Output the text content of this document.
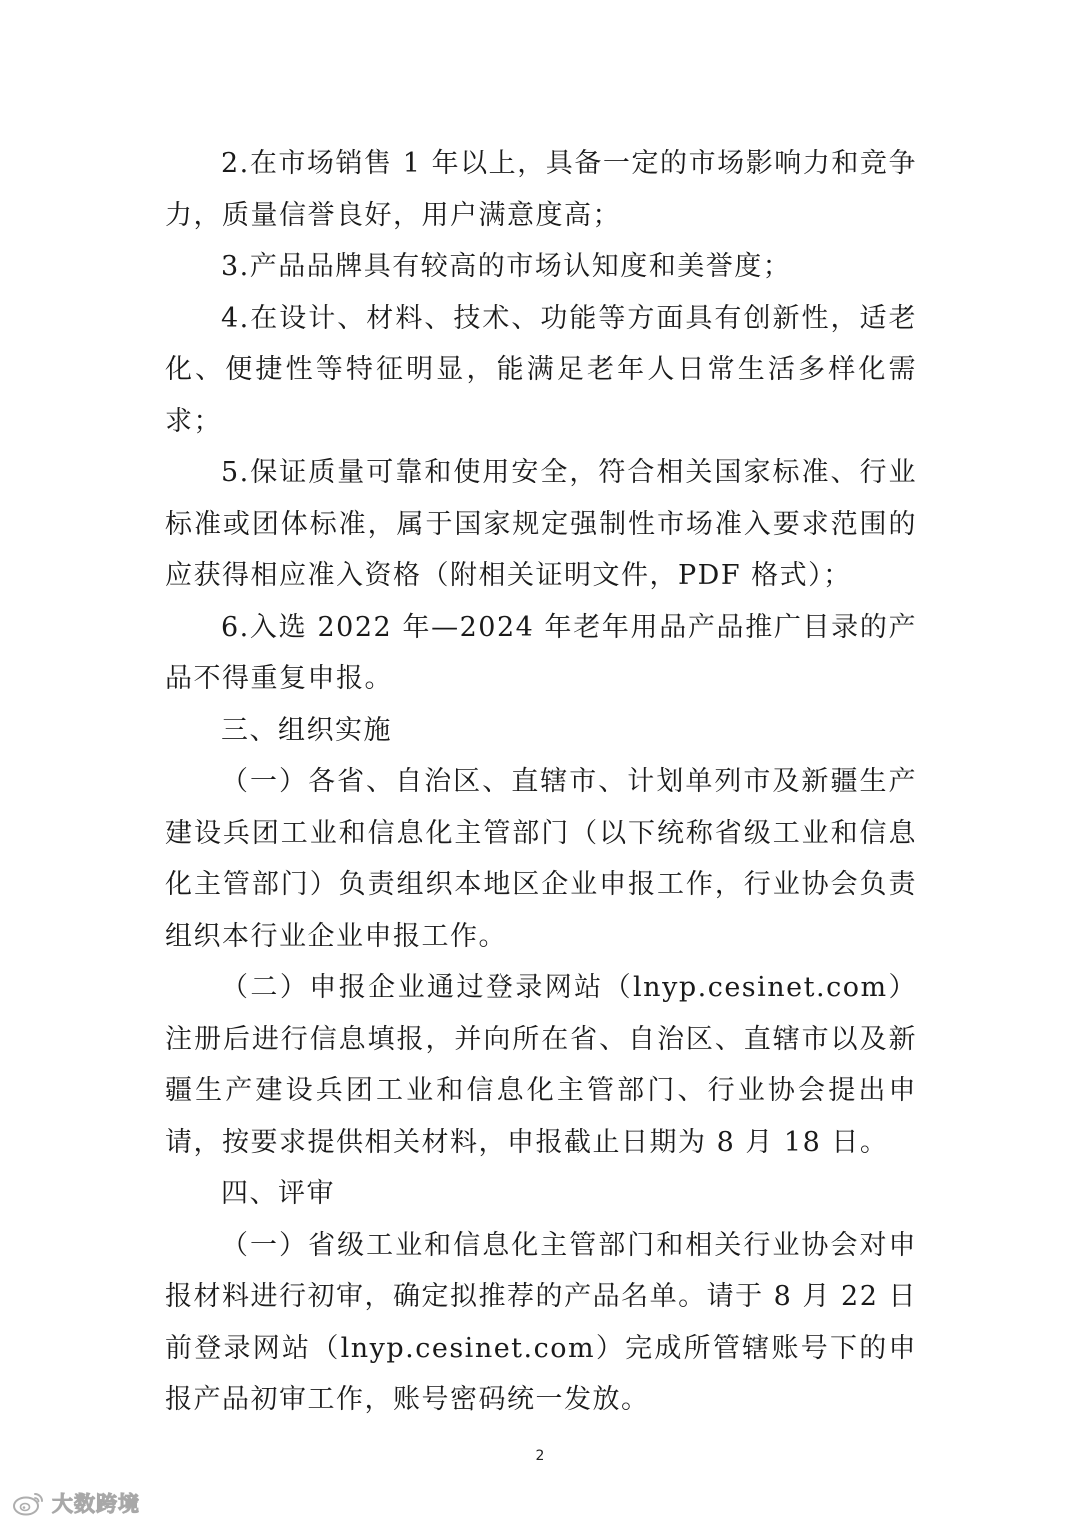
2.在市场销售 1 年以上，具备一定的市场影响力和竞争力，质量信誉良好，用户满意度高；

3.产品品牌具有较高的市场认知度和美誉度；

4.在设计、材料、技术、功能等方面具有创新性，适老化、便捷性等特征明显，能满足老年人日常生活多样化需求；

5.保证质量可靠和使用安全，符合相关国家标准、行业标准或团体标准，属于国家规定强制性市场准入要求范围的应获得相应准入资格（附相关证明文件，PDF 格式）；

6.入选 2022 年—2024 年老年用品产品推广目录的产品不得重复申报。

三、组织实施

（一）各省、自治区、直辖市、计划单列市及新疆生产建设兵团工业和信息化主管部门（以下统称省级工业和信息化主管部门）负责组织本地区企业申报工作，行业协会负责组织本行业企业申报工作。

（二）申报企业通过登录网站（lnyp.cesinet.com）注册后进行信息填报，并向所在省、自治区、直辖市以及新疆生产建设兵团工业和信息化主管部门、行业协会提出申请，按要求提供相关材料，申报截止日期为 8 月 18 日。

四、评审

（一）省级工业和信息化主管部门和相关行业协会对申报材料进行初审，确定拟推荐的产品名单。请于 8 月 22 日前登录网站（lnyp.cesinet.com）完成所管辖账号下的申报产品初审工作，账号密码统一发放。

2
大数跨境
